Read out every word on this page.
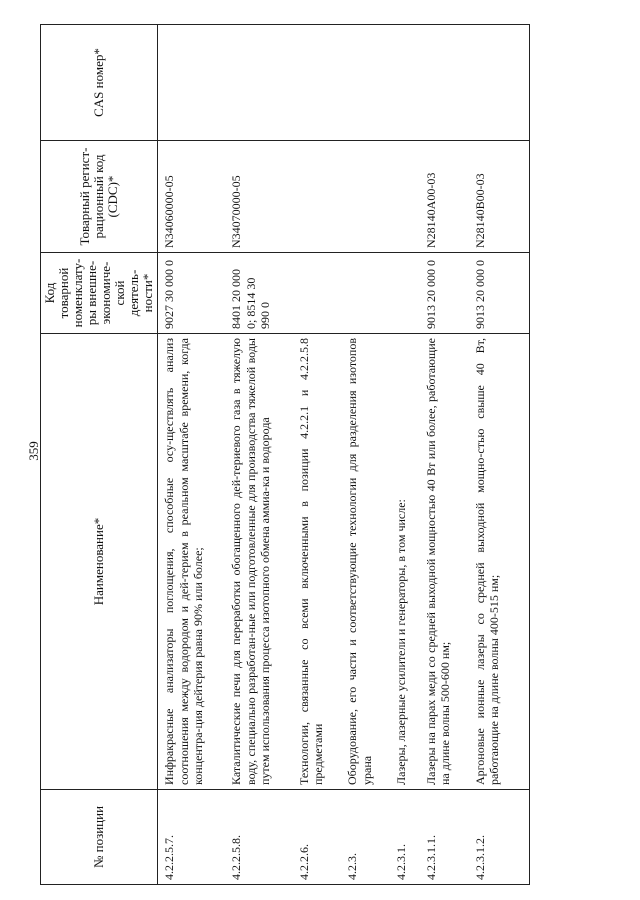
359
№ позиции	Наименование*	Код товарной номенклату-ры внешне-экономиче-ской деятель-ности*	Товарный регист-рационный код (CDC)*	CAS номер*
4.2.2.5.7.	Инфракрасные анализаторы поглощения, способные осу-ществлять анализ соотношения между водородом и дей-терием в реальном масштабе времени, когда концентра-ция дейтерия равна 90% или более;	9027 30 000 0	N34060000-05	
4.2.2.5.8.	Каталитические печи для переработки обогащенного дей-териевого газа в тяжелую воду, специально разработан-ные или подготовленные для производства тяжелой воды путем использования процесса изотопного обмена аммиа-ка и водорода	8401 20 000 0; 8514 30 990 0	N34070000-05	
4.2.2.6.	Технологии, связанные со всеми включенными в позиции 4.2.2.1 и 4.2.2.5.8 предметами			
4.2.3.	Оборудование, его части и соответствующие технологии для разделения изотопов урана			
4.2.3.1.	Лазеры, лазерные усилители и генераторы, в том числе:			
4.2.3.1.1.	Лазеры на парах меди со средней выходной мощностью 40 Вт или более, работающие на длине волны 500-600 нм;	9013 20 000 0	N28140A00-03	
4.2.3.1.2.	Аргоновые ионные лазеры со средней выходной мощно-стью свыше 40 Вт, работающие на длине волны 400-515 нм;	9013 20 000 0	N28140B00-03	
